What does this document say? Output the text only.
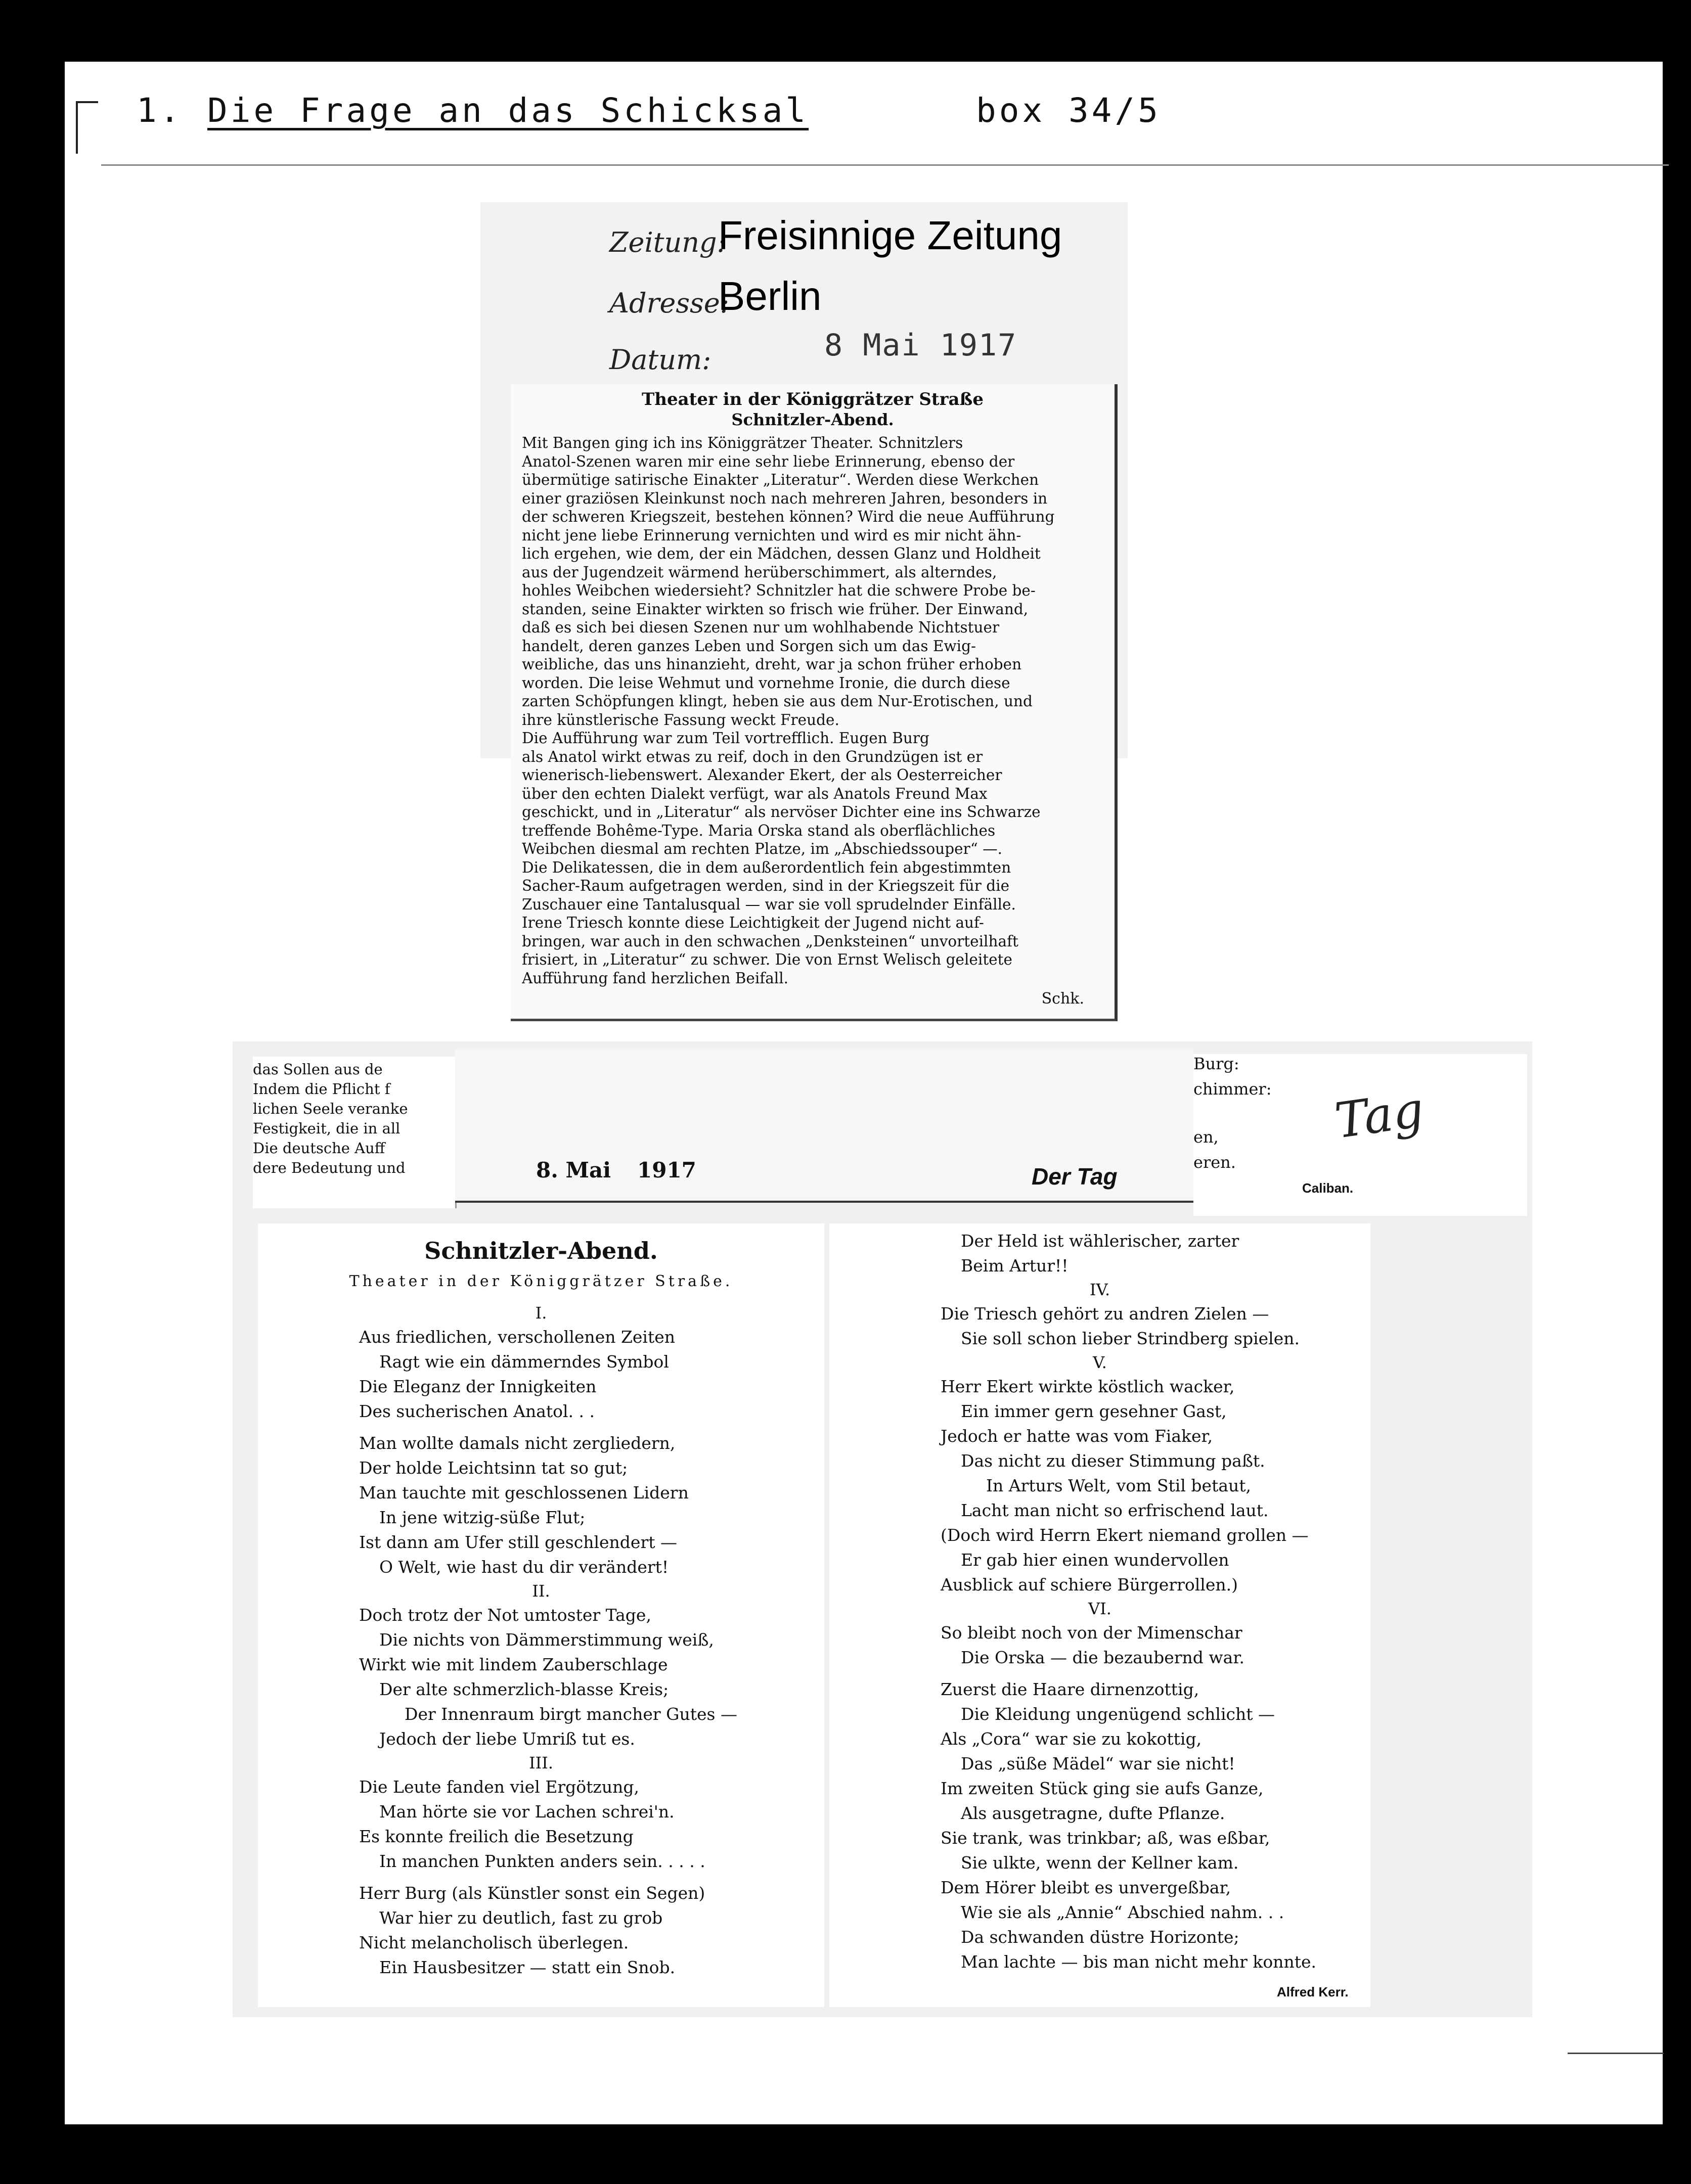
1. Die Frage an das Schicksal	box 34/5
Zeitung:
Freisinnige Zeitung
Adresse:
Berlin
Datum:	8 Mai 1917
Theater in der Königgrätzer Straße
Schnitzler-Abend.
Mit Bangen ging ich ins Königgrätzer Theater. Schnitzlers
Anatol-Szenen waren mir eine sehr liebe Erinnerung, ebenso der
übermütige satirische Einakter „Literatur“. Werden diese Werkchen
einer graziösen Kleinkunst noch nach mehreren Jahren, besonders in
der schweren Kriegszeit, bestehen können? Wird die neue Aufführung
nicht jene liebe Erinnerung vernichten und wird es mir nicht ähn-
lich ergehen, wie dem, der ein Mädchen, dessen Glanz und Holdheit
aus der Jugendzeit wärmend herüberschimmert, als alterndes,
hohles Weibchen wiedersieht? Schnitzler hat die schwere Probe be-
standen, seine Einakter wirkten so frisch wie früher. Der Einwand,
daß es sich bei diesen Szenen nur um wohlhabende Nichtstuer
handelt, deren ganzes Leben und Sorgen sich um das Ewig-
weibliche, das uns hinanzieht, dreht, war ja schon früher erhoben
worden. Die leise Wehmut und vornehme Ironie, die durch diese
zarten Schöpfungen klingt, heben sie aus dem Nur-Erotischen, und
ihre künstlerische Fassung weckt Freude.
Die Aufführung war zum Teil vortrefflich. Eugen Burg
als Anatol wirkt etwas zu reif, doch in den Grundzügen ist er
wienerisch-liebenswert. Alexander Ekert, der als Oesterreicher
über den echten Dialekt verfügt, war als Anatols Freund Max
geschickt, und in „Literatur“ als nervöser Dichter eine ins Schwarze
treffende Bohême-Type. Maria Orska stand als oberflächliches
Weibchen diesmal am rechten Platze, im „Abschiedssouper“ —.
Die Delikatessen, die in dem außerordentlich fein abgestimmten
Sacher-Raum aufgetragen werden, sind in der Kriegszeit für die
Zuschauer eine Tantalusqual — war sie voll sprudelnder Einfälle.
Irene Triesch konnte diese Leichtigkeit der Jugend nicht auf-
bringen, war auch in den schwachen „Denksteinen“ unvorteilhaft
frisiert, in „Literatur“ zu schwer. Die von Ernst Welisch geleitete
Aufführung fand herzlichen Beifall.
Schk.
das Sollen aus de
Indem die Pflicht f
lichen Seele veranke
Festigkeit, die in all
Die deutsche Auff
dere Bedeutung und	8. Mai 1917	Der Tag
Burg:
chimmer:
en,
eren.
Tag
Caliban.
Schnitzler-Abend.
Theater in der Königgrätzer Straße.
I.
Aus friedlichen, verschollenen Zeiten
Ragt wie ein dämmerndes Symbol
Die Eleganz der Innigkeiten
Des sucherischen Anatol. . .
Man wollte damals nicht zergliedern,
Der holde Leichtsinn tat so gut;
Man tauchte mit geschlossenen Lidern
In jene witzig-süße Flut;
Ist dann am Ufer still geschlendert —
O Welt, wie hast du dir verändert!
II.
Doch trotz der Not umtoster Tage,
Die nichts von Dämmerstimmung weiß,
Wirkt wie mit lindem Zauberschlage
Der alte schmerzlich-blasse Kreis;
Der Innenraum birgt mancher Gutes —
Jedoch der liebe Umriß tut es.
III.
Die Leute fanden viel Ergötzung,
Man hörte sie vor Lachen schrei'n.
Es konnte freilich die Besetzung
In manchen Punkten anders sein. . . . .
Herr Burg (als Künstler sonst ein Segen)
War hier zu deutlich, fast zu grob
Nicht melancholisch überlegen.
Ein Hausbesitzer — statt ein Snob.
Der Held ist wählerischer, zarter
Beim Artur!!
IV.
Die Triesch gehört zu andren Zielen —
Sie soll schon lieber Strindberg spielen.
V.
Herr Ekert wirkte köstlich wacker,
Ein immer gern gesehner Gast,
Jedoch er hatte was vom Fiaker,
Das nicht zu dieser Stimmung paßt.
In Arturs Welt, vom Stil betaut,
Lacht man nicht so erfrischend laut.
(Doch wird Herrn Ekert niemand grollen —
Er gab hier einen wundervollen
Ausblick auf schiere Bürgerrollen.)
VI.
So bleibt noch von der Mimenschar
Die Orska — die bezaubernd war.
Zuerst die Haare dirnenzottig,
Die Kleidung ungenügend schlicht —
Als „Cora“ war sie zu kokottig,
Das „süße Mädel“ war sie nicht!
Im zweiten Stück ging sie aufs Ganze,
Als ausgetragne, dufte Pflanze.
Sie trank, was trinkbar; aß, was eßbar,
Sie ulkte, wenn der Kellner kam.
Dem Hörer bleibt es unvergeßbar,
Wie sie als „Annie“ Abschied nahm. . .
Da schwanden düstre Horizonte;
Man lachte — bis man nicht mehr konnte.
Alfred Kerr.
